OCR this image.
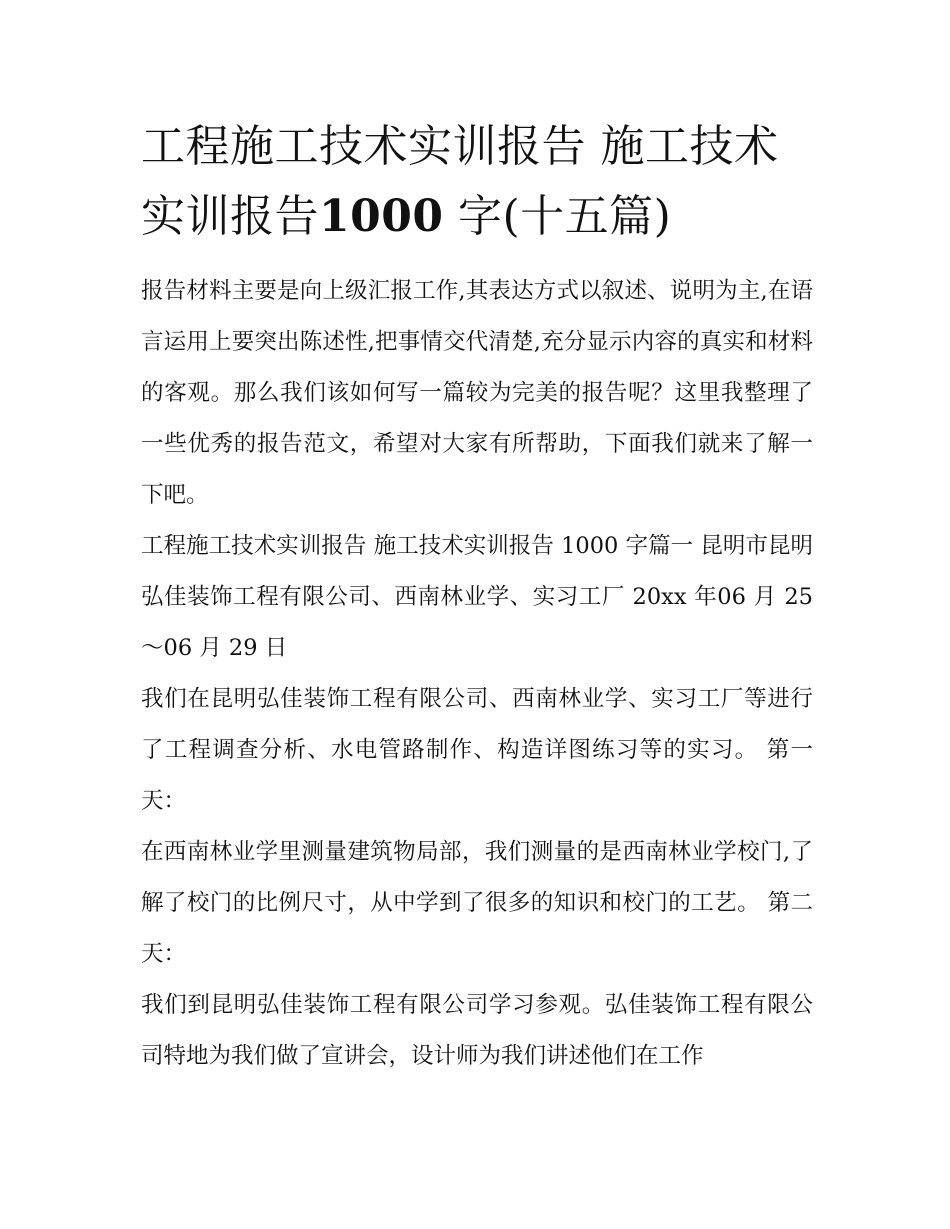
工程施工技术实训报告 施工技术实训报告1000 字(十五篇)

报告材料主要是向上级汇报工作,其表达方式以叙述、说明为主,在语言运用上要突出陈述性,把事情交代清楚,充分显示内容的真实和材料的客观。那么我们该如何写一篇较为完美的报告呢？这里我整理了一些优秀的报告范文，希望对大家有所帮助，下面我们就来了解一下吧。

工程施工技术实训报告 施工技术实训报告 1000 字篇一 昆明市昆明弘佳装饰工程有限公司、西南林业学、实习工厂 20xx 年06 月 25～06 月 29 日

我们在昆明弘佳装饰工程有限公司、西南林业学、实习工厂等进行了工程调查分析、水电管路制作、构造详图练习等的实习。 第一天：

在西南林业学里测量建筑物局部，我们测量的是西南林业学校门,了解了校门的比例尺寸，从中学到了很多的知识和校门的工艺。 第二天：

我们到昆明弘佳装饰工程有限公司学习参观。弘佳装饰工程有限公司特地为我们做了宣讲会，设计师为我们讲述他们在工作
